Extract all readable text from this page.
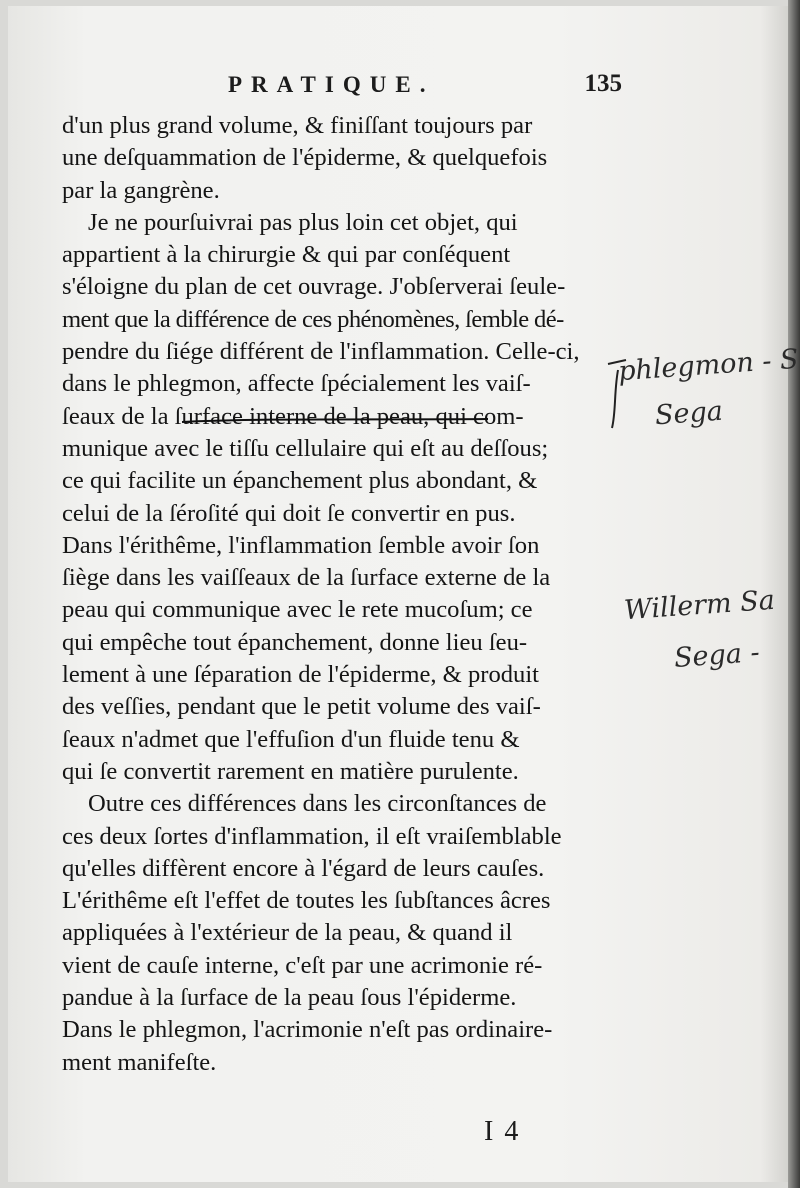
PRATIQUE.	135

d'un plus grand volume, & finiſſant toujours par
une deſquammation de l'épiderme, & quelquefois
par la gangrène.

Je ne pourſuivrai pas plus loin cet objet, qui
appartient à la chirurgie & qui par conſéquent
s'éloigne du plan de cet ouvrage. J'obſerverai ſeule-
ment que la différence de ces phénomènes, ſemble dé-
pendre du ſiége différent de l'inflammation. Celle-ci,
dans le phlegmon, affecte ſpécialement les vaiſ-
ſeaux de la ſurface interne de la peau, qui com-
munique avec le tiſſu cellulaire qui eſt au deſſous;
ce qui facilite un épanchement plus abondant, &
celui de la ſéroſité qui doit ſe convertir en pus.
Dans l'érithême, l'inflammation ſemble avoir ſon
ſiège dans les vaiſſeaux de la ſurface externe de la
peau qui communique avec le rete mucoſum; ce
qui empêche tout épanchement, donne lieu ſeu-
lement à une ſéparation de l'épiderme, & produit
des veſſies, pendant que le petit volume des vaiſ-
ſeaux n'admet que l'effuſion d'un fluide tenu &
qui ſe convertit rarement en matière purulente.

Outre ces différences dans les circonſtances de
ces deux ſortes d'inflammation, il eſt vraiſemblable
qu'elles diffèrent encore à l'égard de leurs cauſes.
L'érithême eſt l'effet de toutes les ſubſtances âcres
appliquées à l'extérieur de la peau, & quand il
vient de cauſe interne, c'eſt par une acrimonie ré-
pandue à la ſurface de la peau ſous l'épiderme.
Dans le phlegmon, l'acrimonie n'eſt pas ordinaire-
ment manifeſte.

phlegmon - S
Sega
Willerm Sa
Sega -
I 4
